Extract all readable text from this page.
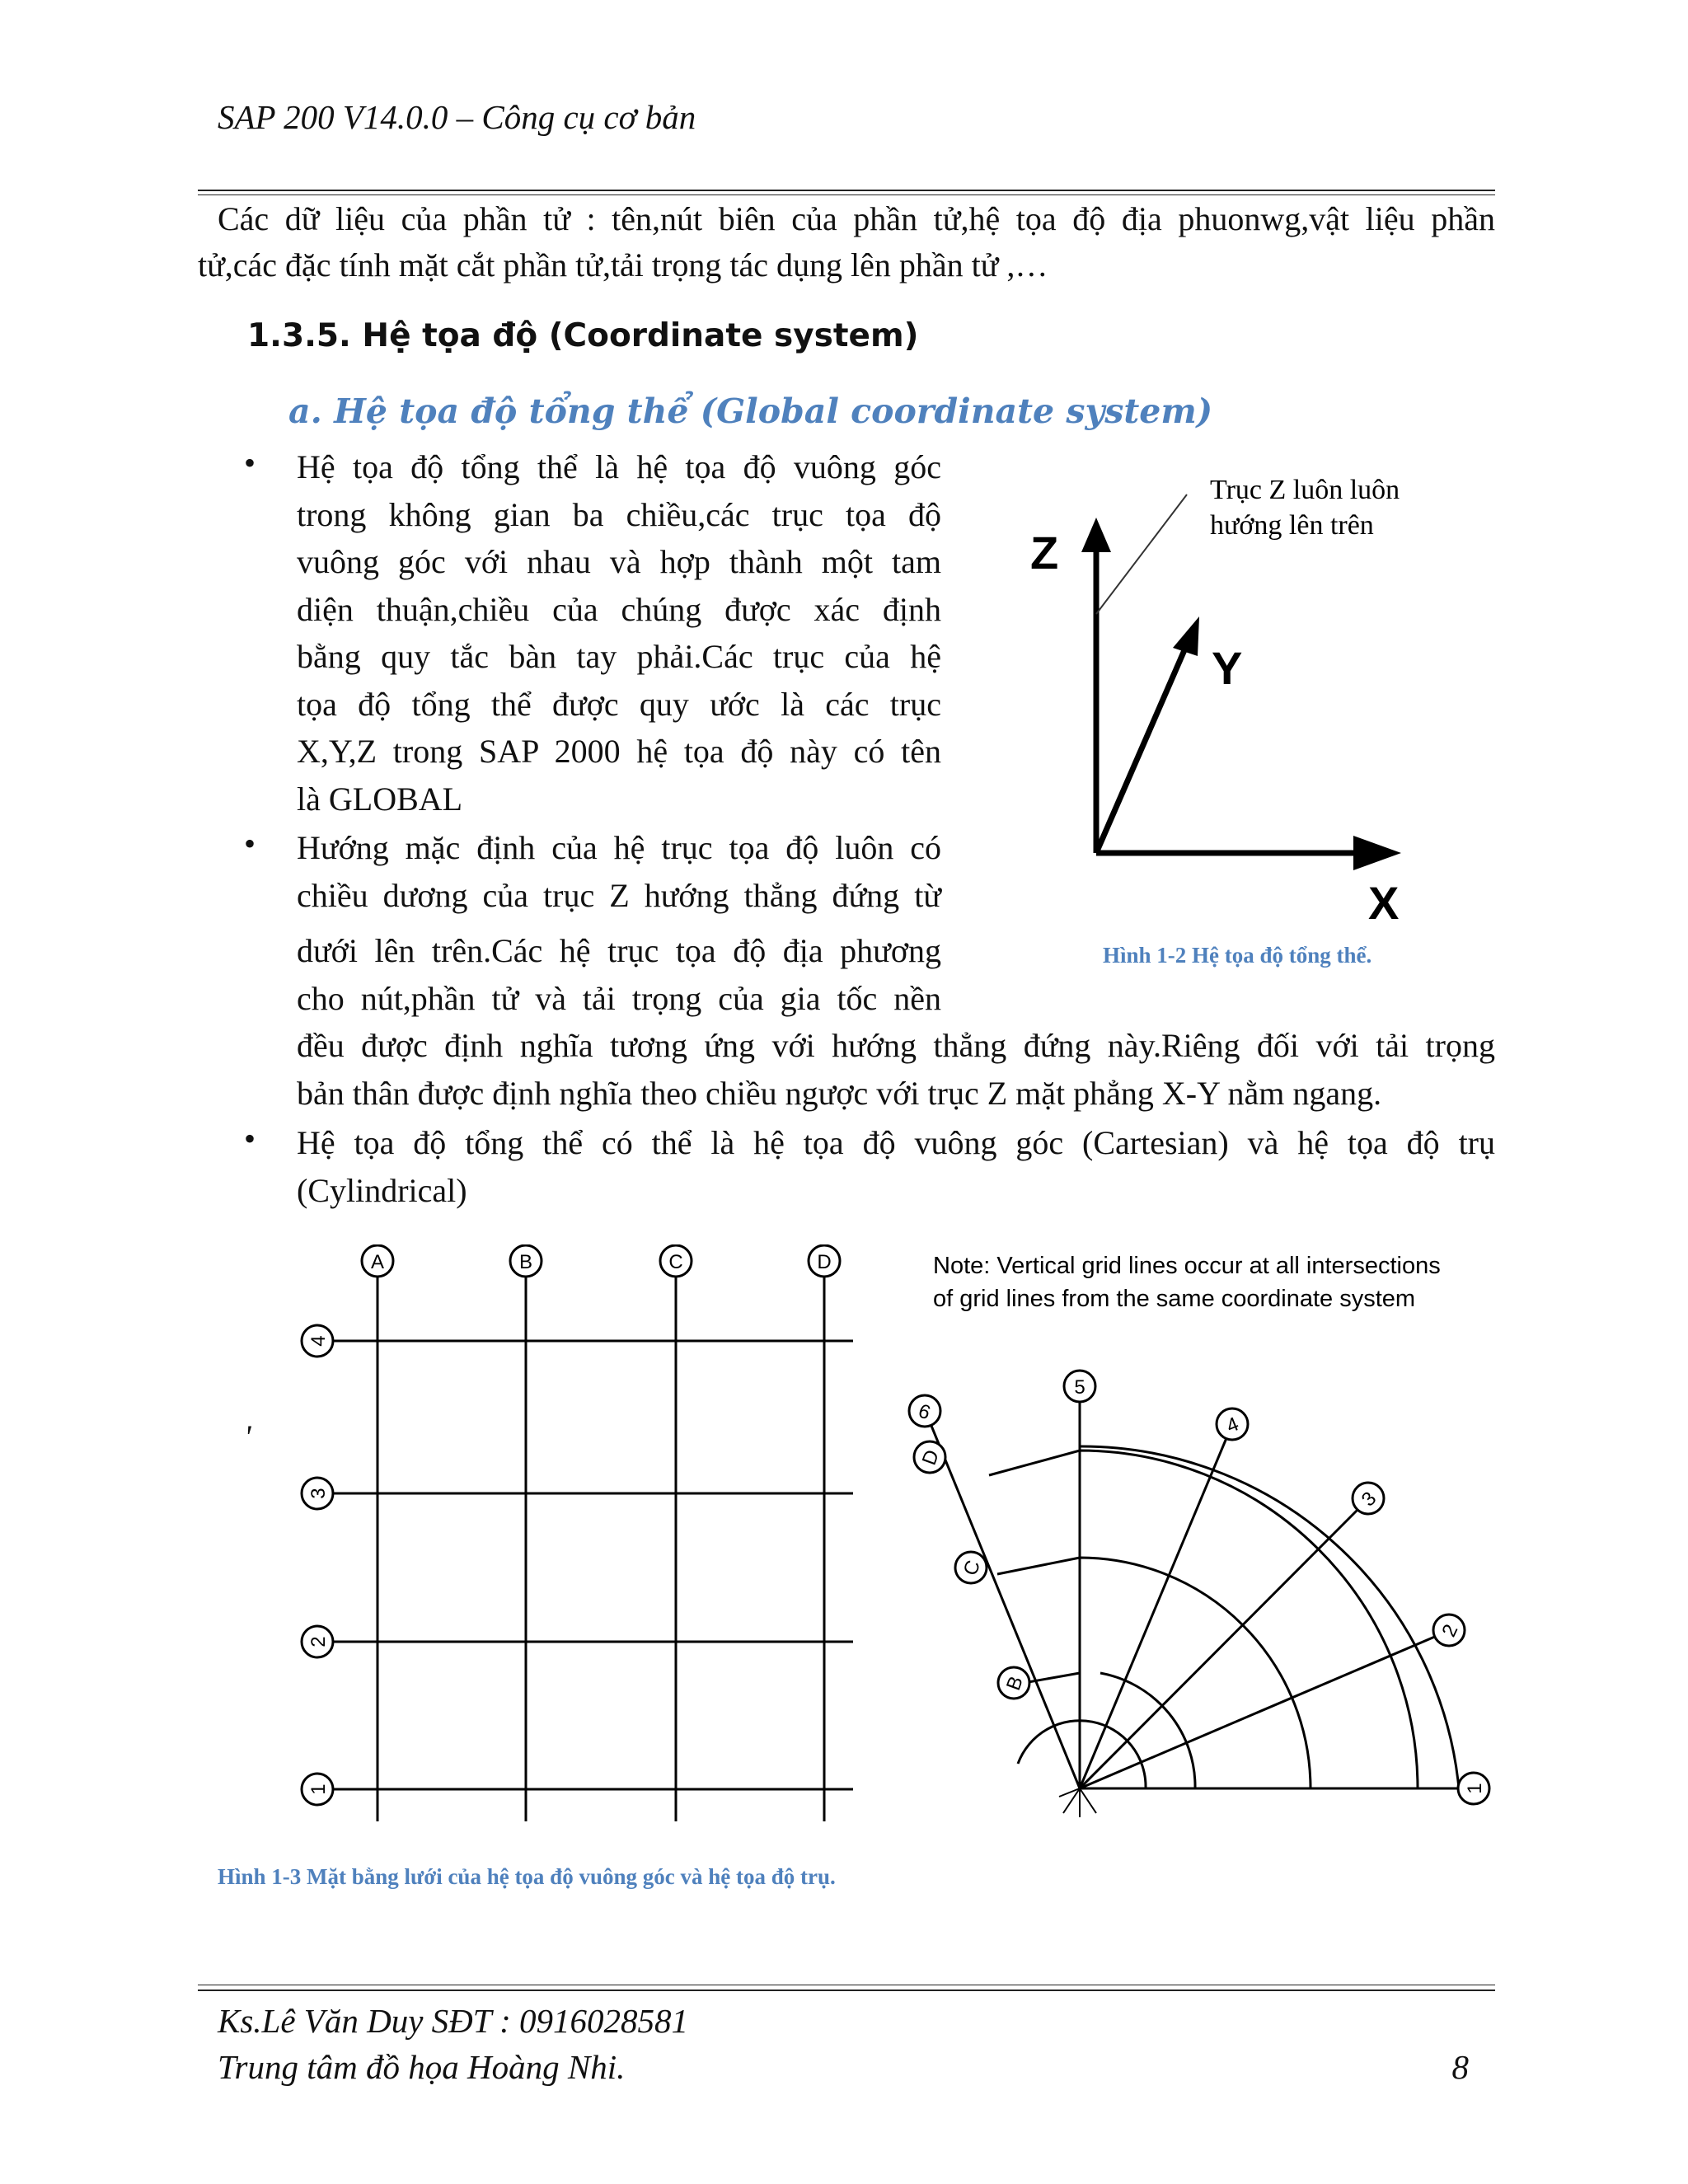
SAP 200 V14.0.0 – Công cụ cơ bản
Các dữ liệu của phần tử : tên,nút biên của phần tử,hệ tọa độ địa phuonwg,vật liệu phần
tử,các đặc tính mặt cắt phần tử,tải trọng tác dụng lên phần tử ,…
1.3.5. Hệ tọa độ (Coordinate system)
a. Hệ tọa độ tổng thể (Global coordinate system)
• Hệ tọa độ tổng thể là hệ tọa độ vuông góc
trong không gian ba chiều,các trục tọa độ
vuông góc với nhau và hợp thành một tam
diện thuận,chiều của chúng được xác định
bằng quy tắc bàn tay phải.Các trục của hệ
tọa độ tổng thể được quy ước là các trục
X,Y,Z trong SAP 2000 hệ tọa độ này có tên
là GLOBAL
• Hướng mặc định của hệ trục tọa độ luôn có
chiều dương của trục Z hướng thẳng đứng từ
dưới lên trên.Các hệ trục tọa độ địa phương
cho nút,phần tử và tải trọng của gia tốc nền
đều được định nghĩa tương ứng với hướng thẳng đứng này.Riêng đối với tải trọng
bản thân được định nghĩa theo chiều ngược với trục Z mặt phẳng X-Y nằm ngang.
• Hệ tọa độ tổng thể có thể là hệ tọa độ vuông góc (Cartesian) và hệ tọa độ trụ
(Cylindrical)
Z
Y
X
Trục Z luôn luôn
hướng lên trên
Hình 1-2 Hệ tọa độ tổng thể.
A	B	C	D
4
3
2
1
'
Note: Vertical grid lines occur at all intersections
of grid lines from the same coordinate system
1
2
3
4
5
6
D
C
B
Hình 1-3 Mặt bằng lưới của hệ tọa độ vuông góc và hệ tọa độ trụ.
Ks.Lê Văn Duy SĐT : 0916028581
Trung tâm đồ họa Hoàng Nhi.	8
